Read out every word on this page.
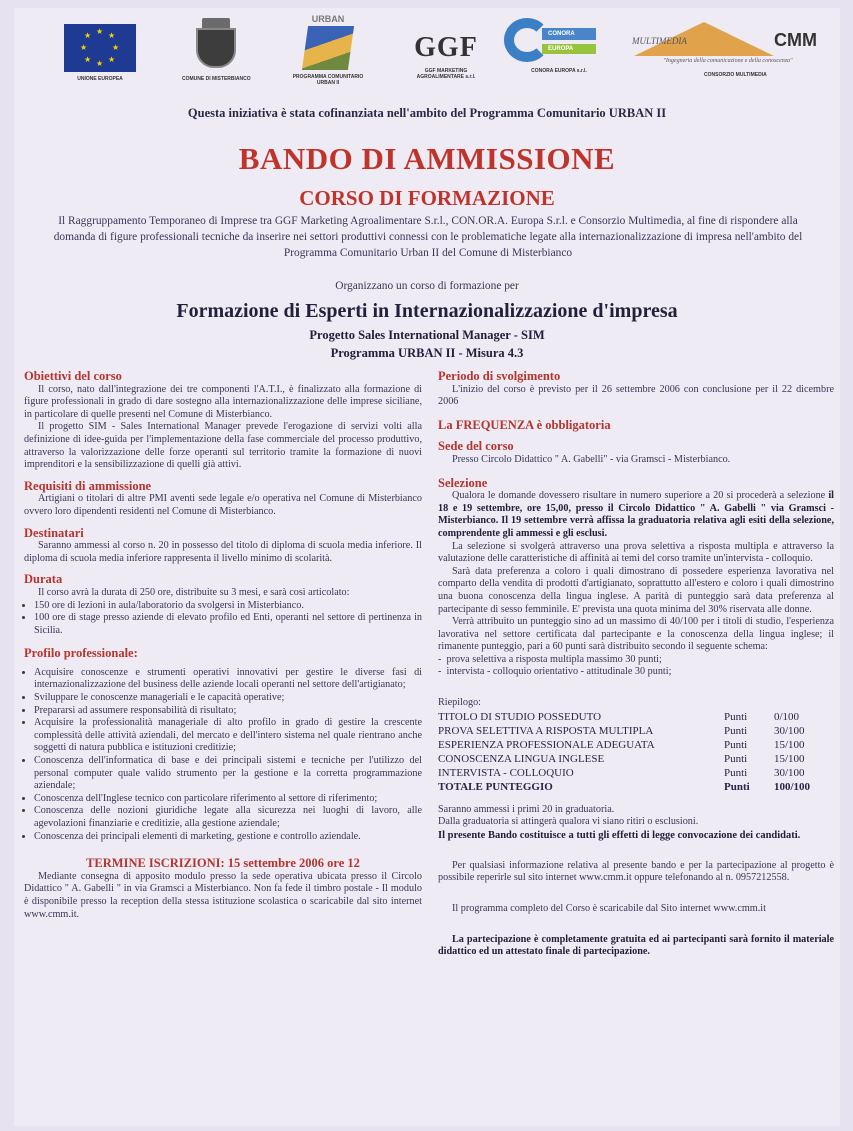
★ ★
★
★
★
★
★
★
UNIONE EUROPEA	COMUNE DI MISTERBIANCO
URBAN
PROGRAMMA COMUNITARIO URBAN II
GGF
GGF MARKETING AGROALIMENTARE s.r.l.
CONORA
EUROPA
CONORA EUROPA s.r.l.
MULTIMEDIA	CMM
"Ingegneria della comunicazione e della conoscenza"
CONSORZIO MULTIMEDIA
Questa iniziativa è stata cofinanziata nell'ambito del Programma Comunitario URBAN II
BANDO DI AMMISSIONE
CORSO DI FORMAZIONE
Il Raggruppamento Temporaneo di Imprese tra GGF Marketing Agroalimentare S.r.l., CON.OR.A. Europa S.r.l. e Consorzio Multimedia, al fine di rispondere alla domanda di figure professionali tecniche da inserire nei settori produttivi connessi con le problematiche legate alla internazionalizzazione di impresa nell'ambito del Programma Comunitario Urban II del Comune di Misterbianco
Organizzano un corso di formazione per
Formazione di Esperti in Internazionalizzazione d'impresa
Progetto Sales International Manager - SIM
Programma URBAN II - Misura 4.3
Obiettivi del corso

Il corso, nato dall'integrazione dei tre componenti l'A.T.I., è finalizzato alla formazione di figure professionali in grado di dare sostegno alla internazionalizzazione delle imprese siciliane, in particolare di quelle presenti nel Comune di Misterbianco.

Il progetto SIM - Sales International Manager prevede l'erogazione di servizi volti alla definizione di idee-guida per l'implementazione della fase commerciale del processo produttivo, attraverso la valorizzazione delle forze operanti sul territorio tramite la formazione di nuovi imprenditori e la sensibilizzazione di quelli già attivi.

Requisiti di ammissione

Artigiani o titolari di altre PMI aventi sede legale e/o operativa nel Comune di Misterbianco ovvero loro dipendenti residenti nel Comune di Misterbianco.

Destinatari

Saranno ammessi al corso n. 20 in possesso del titolo di diploma di scuola media inferiore. Il diploma di scuola media inferiore rappresenta il livello minimo di scolarità.

Durata

Il corso avrà la durata di 250 ore, distribuite su 3 mesi, e sarà così articolato:

• 150 ore di lezioni in aula/laboratorio da svolgersi in Misterbianco.
• 100 ore di stage presso aziende di elevato profilo ed Enti, operanti nel settore di pertinenza in Sicilia.
Profilo professionale:
• Acquisire conoscenze e strumenti operativi innovativi per gestire le diverse fasi di internazionalizzazione del business delle aziende locali operanti nel settore dell'artigianato;
• Sviluppare le conoscenze manageriali e le capacità operative;
• Prepararsi ad assumere responsabilità di risultato;
• Acquisire la professionalità manageriale di alto profilo in grado di gestire la crescente complessità delle attività aziendali, del mercato e dell'intero sistema nel quale rientrano anche soggetti di natura pubblica e istituzioni creditizie;
• Conoscenza dell'informatica di base e dei principali sistemi e tecniche per l'utilizzo del personal computer quale valido strumento per la gestione e la corretta programmazione aziendale;
• Conoscenza dell'Inglese tecnico con particolare riferimento al settore di riferimento;
• Conoscenza delle nozioni giuridiche legate alla sicurezza nei luoghi di lavoro, alle agevolazioni finanziarie e creditizie, alla gestione aziendale;
• Conoscenza dei principali elementi di marketing, gestione e controllo aziendale.
TERMINE ISCRIZIONI: 15 settembre 2006 ore 12

Mediante consegna di apposito modulo presso la sede operativa ubicata presso il Circolo Didattico " A. Gabelli " in via Gramsci a Misterbianco. Non fa fede il timbro postale - Il modulo è disponibile presso la reception della stessa istituzione scolastica o scaricabile dal sito internet www.cmm.it.

Periodo di svolgimento

L'inizio del corso è previsto per il 26 settembre 2006 con conclusione per il 22 dicembre 2006

La FREQUENZA è obbligatoria
Sede del corso

Presso Circolo Didattico " A. Gabelli" - via Gramsci - Misterbianco.

Selezione

Qualora le domande dovessero risultare in numero superiore a 20 si procederà a selezione il 18 e 19 settembre, ore 15,00, presso il Circolo Didattico " A. Gabelli " via Gramsci - Misterbianco. Il 19 settembre verrà affissa la graduatoria relativa agli esiti della selezione, comprendente gli ammessi e gli esclusi.

La selezione si svolgerà attraverso una prova selettiva a risposta multipla e attraverso la valutazione delle caratteristiche di affinità ai temi del corso tramite un'intervista - colloquio.

Sarà data preferenza a coloro i quali dimostrano di possedere esperienza lavorativa nel comparto della vendita di prodotti d'artigianato, soprattutto all'estero e coloro i quali dimostrino una buona conoscenza della lingua inglese. A parità di punteggio sarà data preferenza al partecipante di sesso femminile. E' prevista una quota minima del 30% riservata alle donne.

Verrà attribuito un punteggio sino ad un massimo di 40/100 per i titoli di studio, l'esperienza lavorativa nel settore certificata dal partecipante e la conoscenza della lingua inglese; il rimanente punteggio, pari a 60 punti sarà distribuito secondo il seguente schema:

-  prova selettiva a risposta multipla massimo 30 punti;
-  intervista - colloquio orientativo - attitudinale 30 punti;
Riepilogo:
TITOLO DI STUDIO POSSEDUTO	Punti	0/100
PROVA SELETTIVA A RISPOSTA MULTIPLA	Punti	30/100
ESPERIENZA PROFESSIONALE ADEGUATA	Punti	15/100
CONOSCENZA LINGUA INGLESE	Punti	15/100
INTERVISTA - COLLOQUIO	Punti	30/100
TOTALE PUNTEGGIO	Punti	100/100

Saranno ammessi i primi 20 in graduatoria.

Dalla graduatoria si attingerà qualora vi siano ritiri o esclusioni.

Il presente Bando costituisce a tutti gli effetti di legge convocazione dei candidati.

Per qualsiasi informazione relativa al presente bando e per la partecipazione al progetto è possibile reperirle sul sito internet www.cmm.it oppure telefonando al n. 0957212558.

Il programma completo del Corso è scaricabile dal Sito internet www.cmm.it

La partecipazione è completamente gratuita ed ai partecipanti sarà fornito il materiale didattico ed un attestato finale di partecipazione.
